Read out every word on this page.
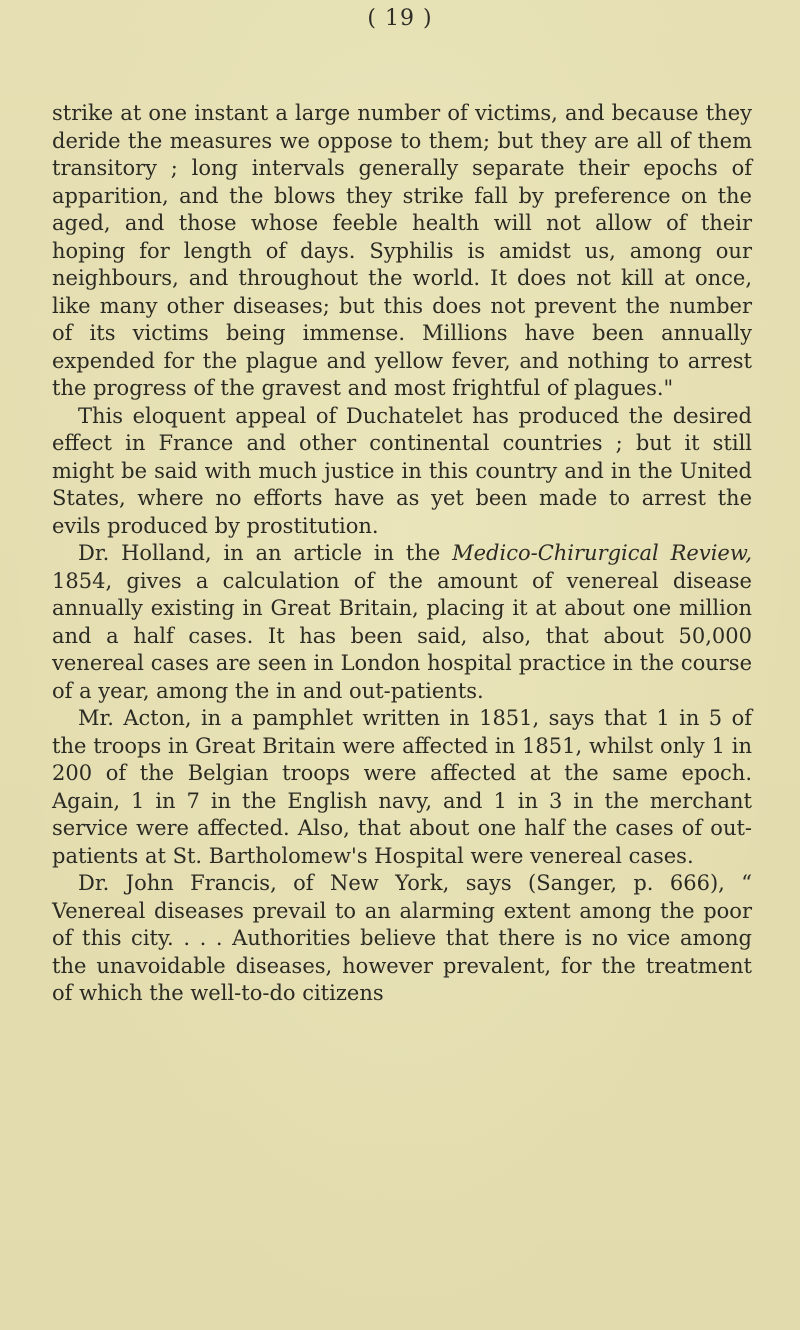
( 19 )

strike at one instant a large number of victims, and because they deride the measures we oppose to them; but they are all of them transitory ; long intervals generally separate their epochs of apparition, and the blows they strike fall by preference on the aged, and those whose feeble health will not allow of their hoping for length of days. Syphilis is amidst us, among our neighbours, and throughout the world. It does not kill at once, like many other diseases; but this does not prevent the number of its victims being immense. Millions have been annually expended for the plague and yellow fever, and nothing to arrest the progress of the gravest and most frightful of plagues."

This eloquent appeal of Duchatelet has produced the desired effect in France and other continental countries ; but it still might be said with much justice in this country and in the United States, where no efforts have as yet been made to arrest the evils produced by prostitution.

Dr. Holland, in an article in the Medico-Chirurgical Review, 1854, gives a calculation of the amount of venereal disease annually existing in Great Britain, placing it at about one million and a half cases. It has been said, also, that about 50,000 venereal cases are seen in London hospital practice in the course of a year, among the in and out-patients.

Mr. Acton, in a pamphlet written in 1851, says that 1 in 5 of the troops in Great Britain were affected in 1851, whilst only 1 in 200 of the Belgian troops were affected at the same epoch. Again, 1 in 7 in the English navy, and 1 in 3 in the merchant service were affected. Also, that about one half the cases of out-patients at St. Bartholomew's Hospital were venereal cases.

Dr. John Francis, of New York, says (Sanger, p. 666), “ Venereal diseases prevail to an alarming extent among the poor of this city. . . . Authorities believe that there is no vice among the unavoidable diseases, however prevalent, for the treatment of which the well-to-do citizens
